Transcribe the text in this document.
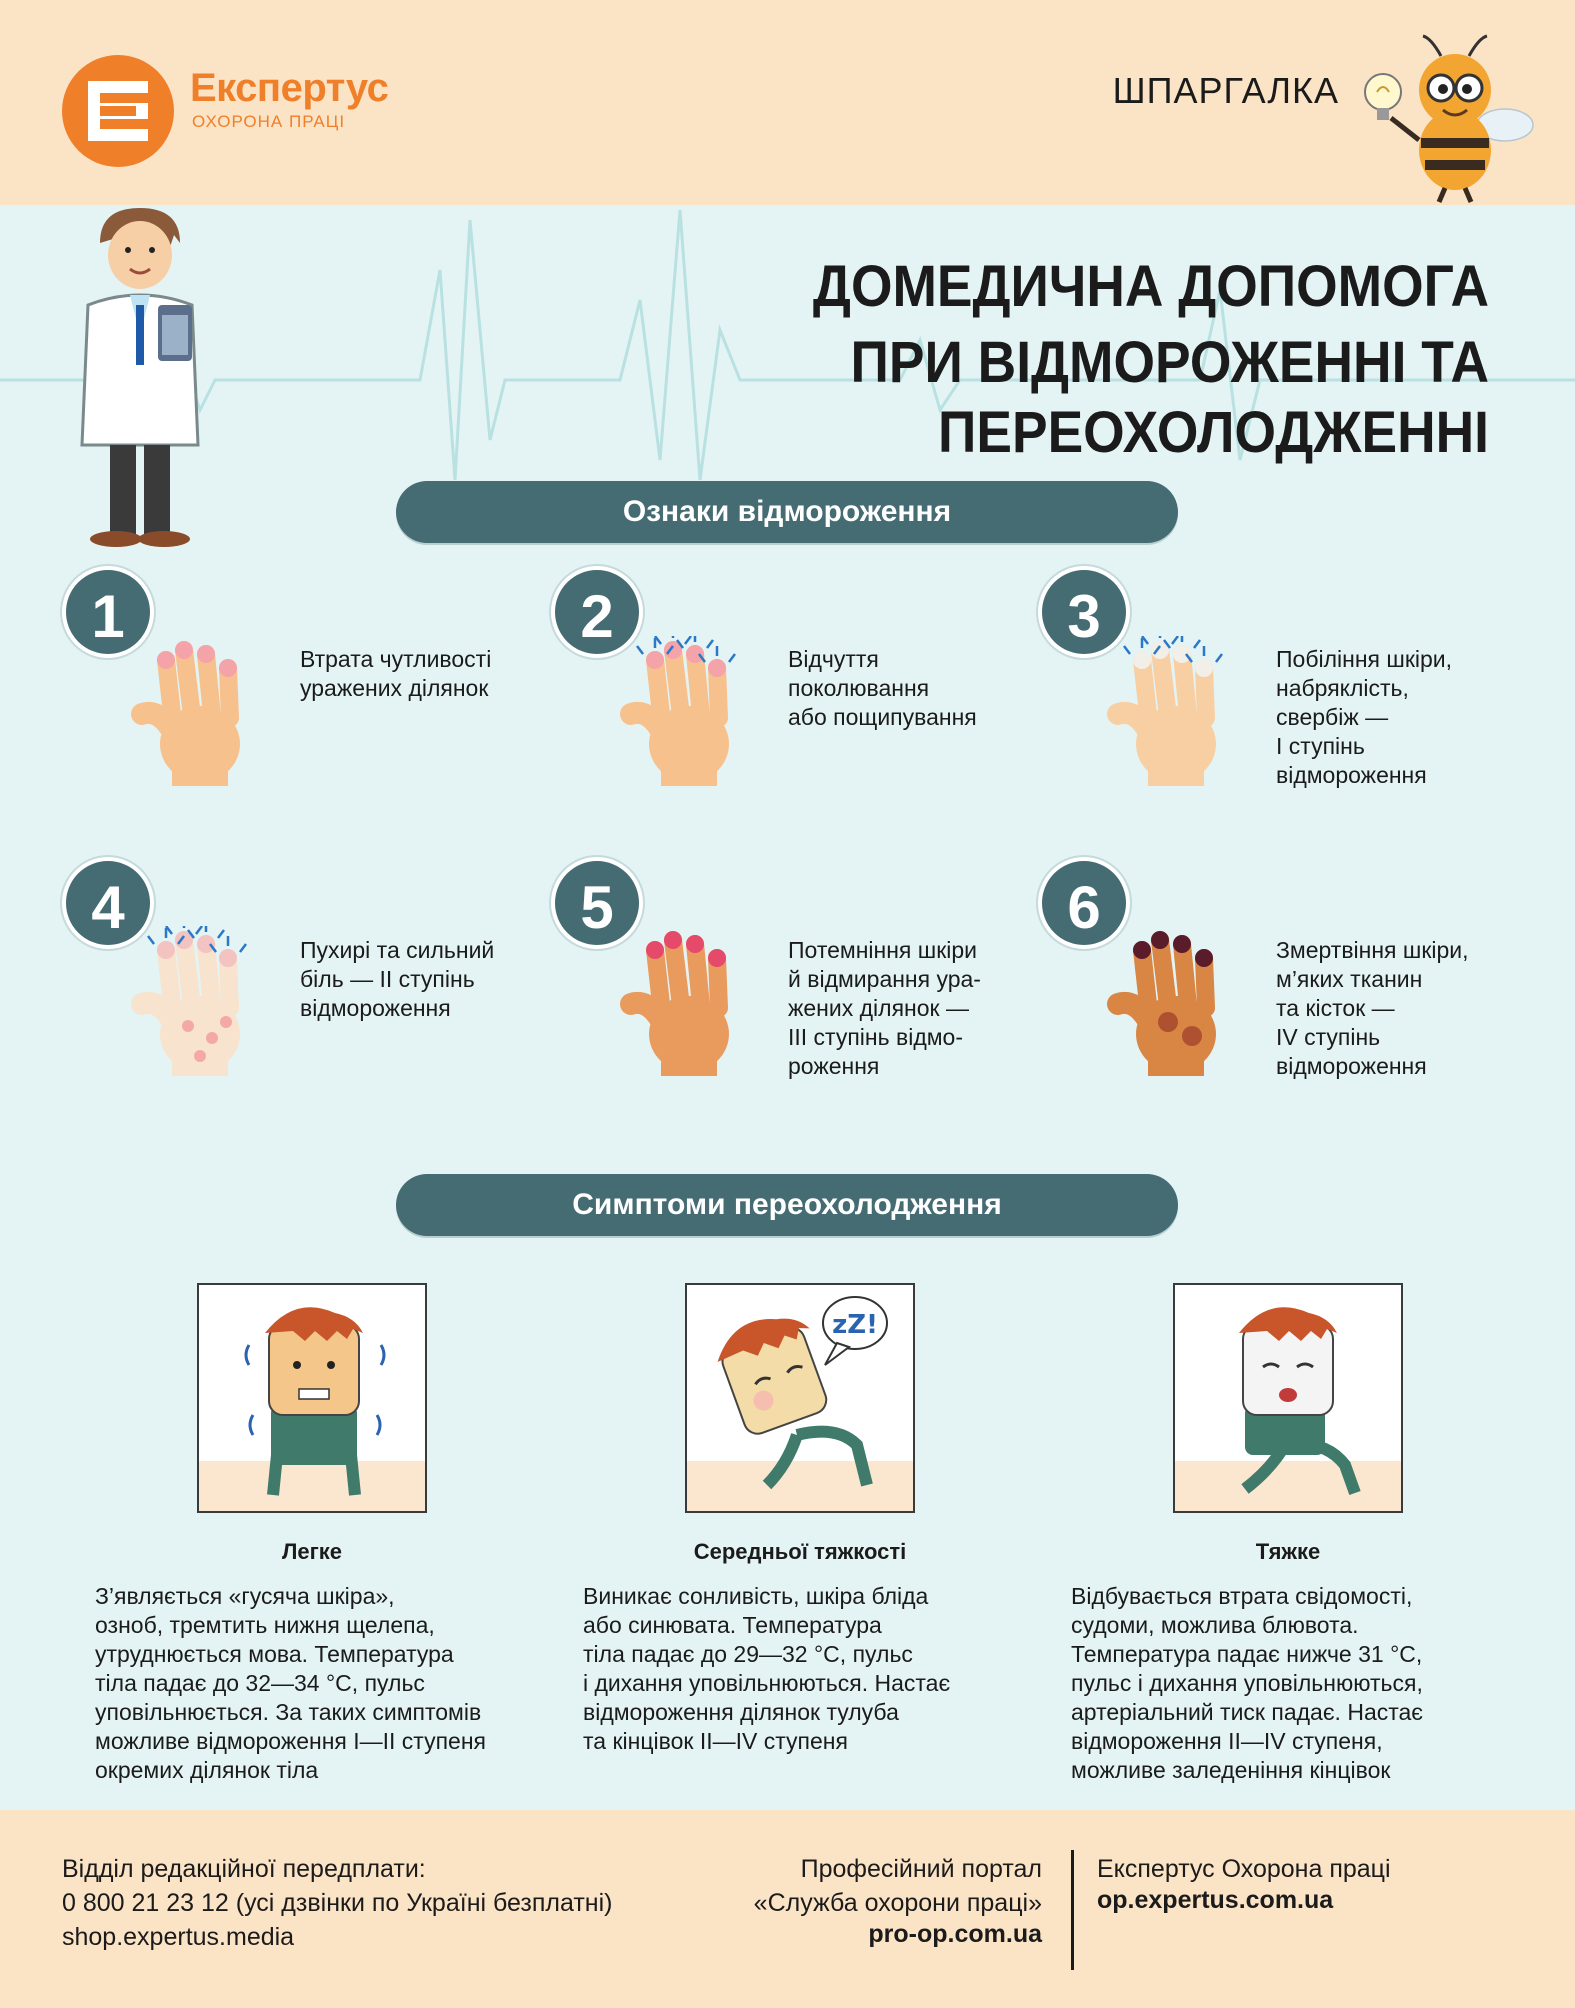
Експертус
ОХОРОНА ПРАЦІ
ШПАРГАЛКА
ДОМЕДИЧНА ДОПОМОГА
ПРИ ВІДМОРОЖЕННІ ТА ПЕРЕОХОЛОДЖЕННІ
Ознаки відмороження
1
Втрата чутливості
уражених ділянок
2
Відчуття
поколювання
або пощипування
3
Побіління шкіри,
набряклість,
свербіж —
І ступінь
відмороження
4
Пухирі та сильний
біль — ІІ ступінь
відмороження
5
Потемніння шкіри
й відмирання ура-
жених ділянок —
ІІІ ступінь відмо-
роження
6
Змертвіння шкіри,
м’яких тканин
та кісток —
IV ступінь
відмороження
Симптоми переохолодження
zZ!
Легке	Середньої тяжкості	Тяжке
З’являється «гусяча шкіра»,
озноб, тремтить нижня щелепа,
утруднюється мова. Температура
тіла падає до 32—34 °C, пульс
уповільнюється. За таких симптомів
можливе відмороження І—ІІ ступеня
окремих ділянок тіла
Виникає сонливість, шкіра бліда
або синювата. Температура
тіла падає до 29—32 °C, пульс
і дихання уповільнюються. Настає
відмороження ділянок тулуба
та кінцівок ІІ—IV ступеня
Відбувається втрата свідомості,
судоми, можлива блювота.
Температура падає нижче 31 °C,
пульс і дихання уповільнюються,
артеріальний тиск падає. Настає
відмороження ІІ—IV ступеня,
можливе заледеніння кінцівок
Відділ редакційної передплати:
0 800 21 23 12 (усі дзвінки по Україні безплатні)
shop.expertus.media
Професійний портал
«Служба охорони праці»
pro-op.com.ua
Експертус Охорона праці
op.expertus.com.ua
